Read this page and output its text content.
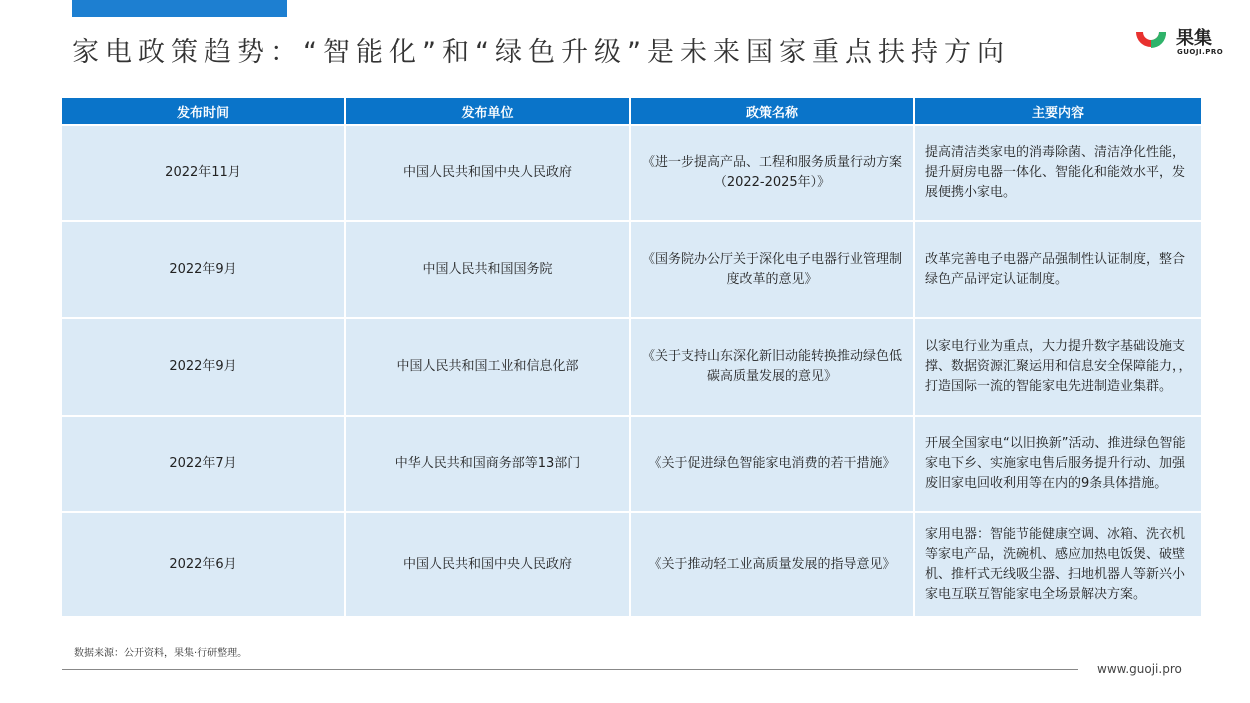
家电政策趋势：“智能化”和“绿色升级”是未来国家重点扶持方向	果集
GUOJI.PRO
发布时间	发布单位	政策名称	主要内容
2022年11月	中国人民共和国中央人民政府	《进一步提高产品、工程和服务质量行动方案（2022-2025年）》	提高清洁类家电的消毒除菌、清洁净化性能，提升厨房电器一体化、智能化和能效水平，发展便携小家电。
2022年9月	中国人民共和国国务院	《国务院办公厅关于深化电子电器行业管理制度改革的意见》	改革完善电子电器产品强制性认证制度，整合绿色产品评定认证制度。
2022年9月	中国人民共和国工业和信息化部	《关于支持山东深化新旧动能转换推动绿色低碳高质量发展的意见》	以家电行业为重点，大力提升数字基础设施支撑、数据资源汇聚运用和信息安全保障能力，，打造国际一流的智能家电先进制造业集群。
2022年7月	中华人民共和国商务部等13部门	《关于促进绿色智能家电消费的若干措施》	开展全国家电“以旧换新”活动、推进绿色智能家电下乡、实施家电售后服务提升行动、加强废旧家电回收利用等在内的9条具体措施。
2022年6月	中国人民共和国中央人民政府	《关于推动轻工业高质量发展的指导意见》	家用电器：智能节能健康空调、冰箱、洗衣机等家电产品，洗碗机、感应加热电饭煲、破壁机、推杆式无线吸尘器、扫地机器人等新兴小家电互联互智能家电全场景解决方案。
数据来源：公开资料，果集·行研整理。
www.guoji.pro
